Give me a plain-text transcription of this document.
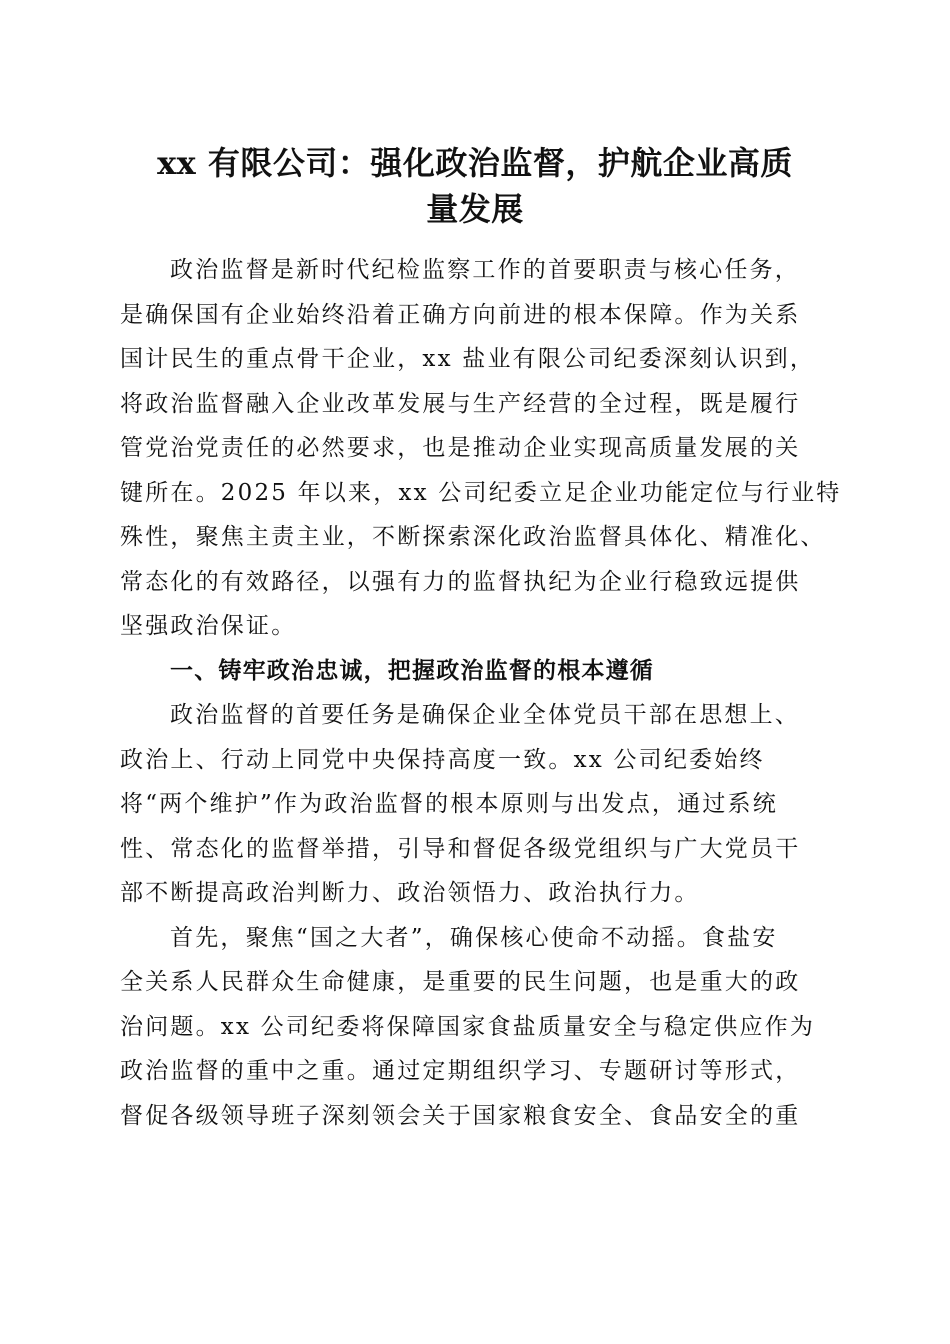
xx 有限公司：强化政治监督，护航企业高质
量发展
政治监督是新时代纪检监察工作的首要职责与核心任务，
是确保国有企业始终沿着正确方向前进的根本保障。作为关系
国计民生的重点骨干企业，xx 盐业有限公司纪委深刻认识到，
将政治监督融入企业改革发展与生产经营的全过程，既是履行
管党治党责任的必然要求，也是推动企业实现高质量发展的关
键所在。2025 年以来，xx 公司纪委立足企业功能定位与行业特
殊性，聚焦主责主业，不断探索深化政治监督具体化、精准化、
常态化的有效路径，以强有力的监督执纪为企业行稳致远提供
坚强政治保证。
一、铸牢政治忠诚，把握政治监督的根本遵循
政治监督的首要任务是确保企业全体党员干部在思想上、
政治上、行动上同党中央保持高度一致。xx 公司纪委始终
将“两个维护”作为政治监督的根本原则与出发点，通过系统
性、常态化的监督举措，引导和督促各级党组织与广大党员干
部不断提高政治判断力、政治领悟力、政治执行力。
首先，聚焦“国之大者”，确保核心使命不动摇。食盐安
全关系人民群众生命健康，是重要的民生问题，也是重大的政
治问题。xx 公司纪委将保障国家食盐质量安全与稳定供应作为
政治监督的重中之重。通过定期组织学习、专题研讨等形式，
督促各级领导班子深刻领会关于国家粮食安全、食品安全的重
